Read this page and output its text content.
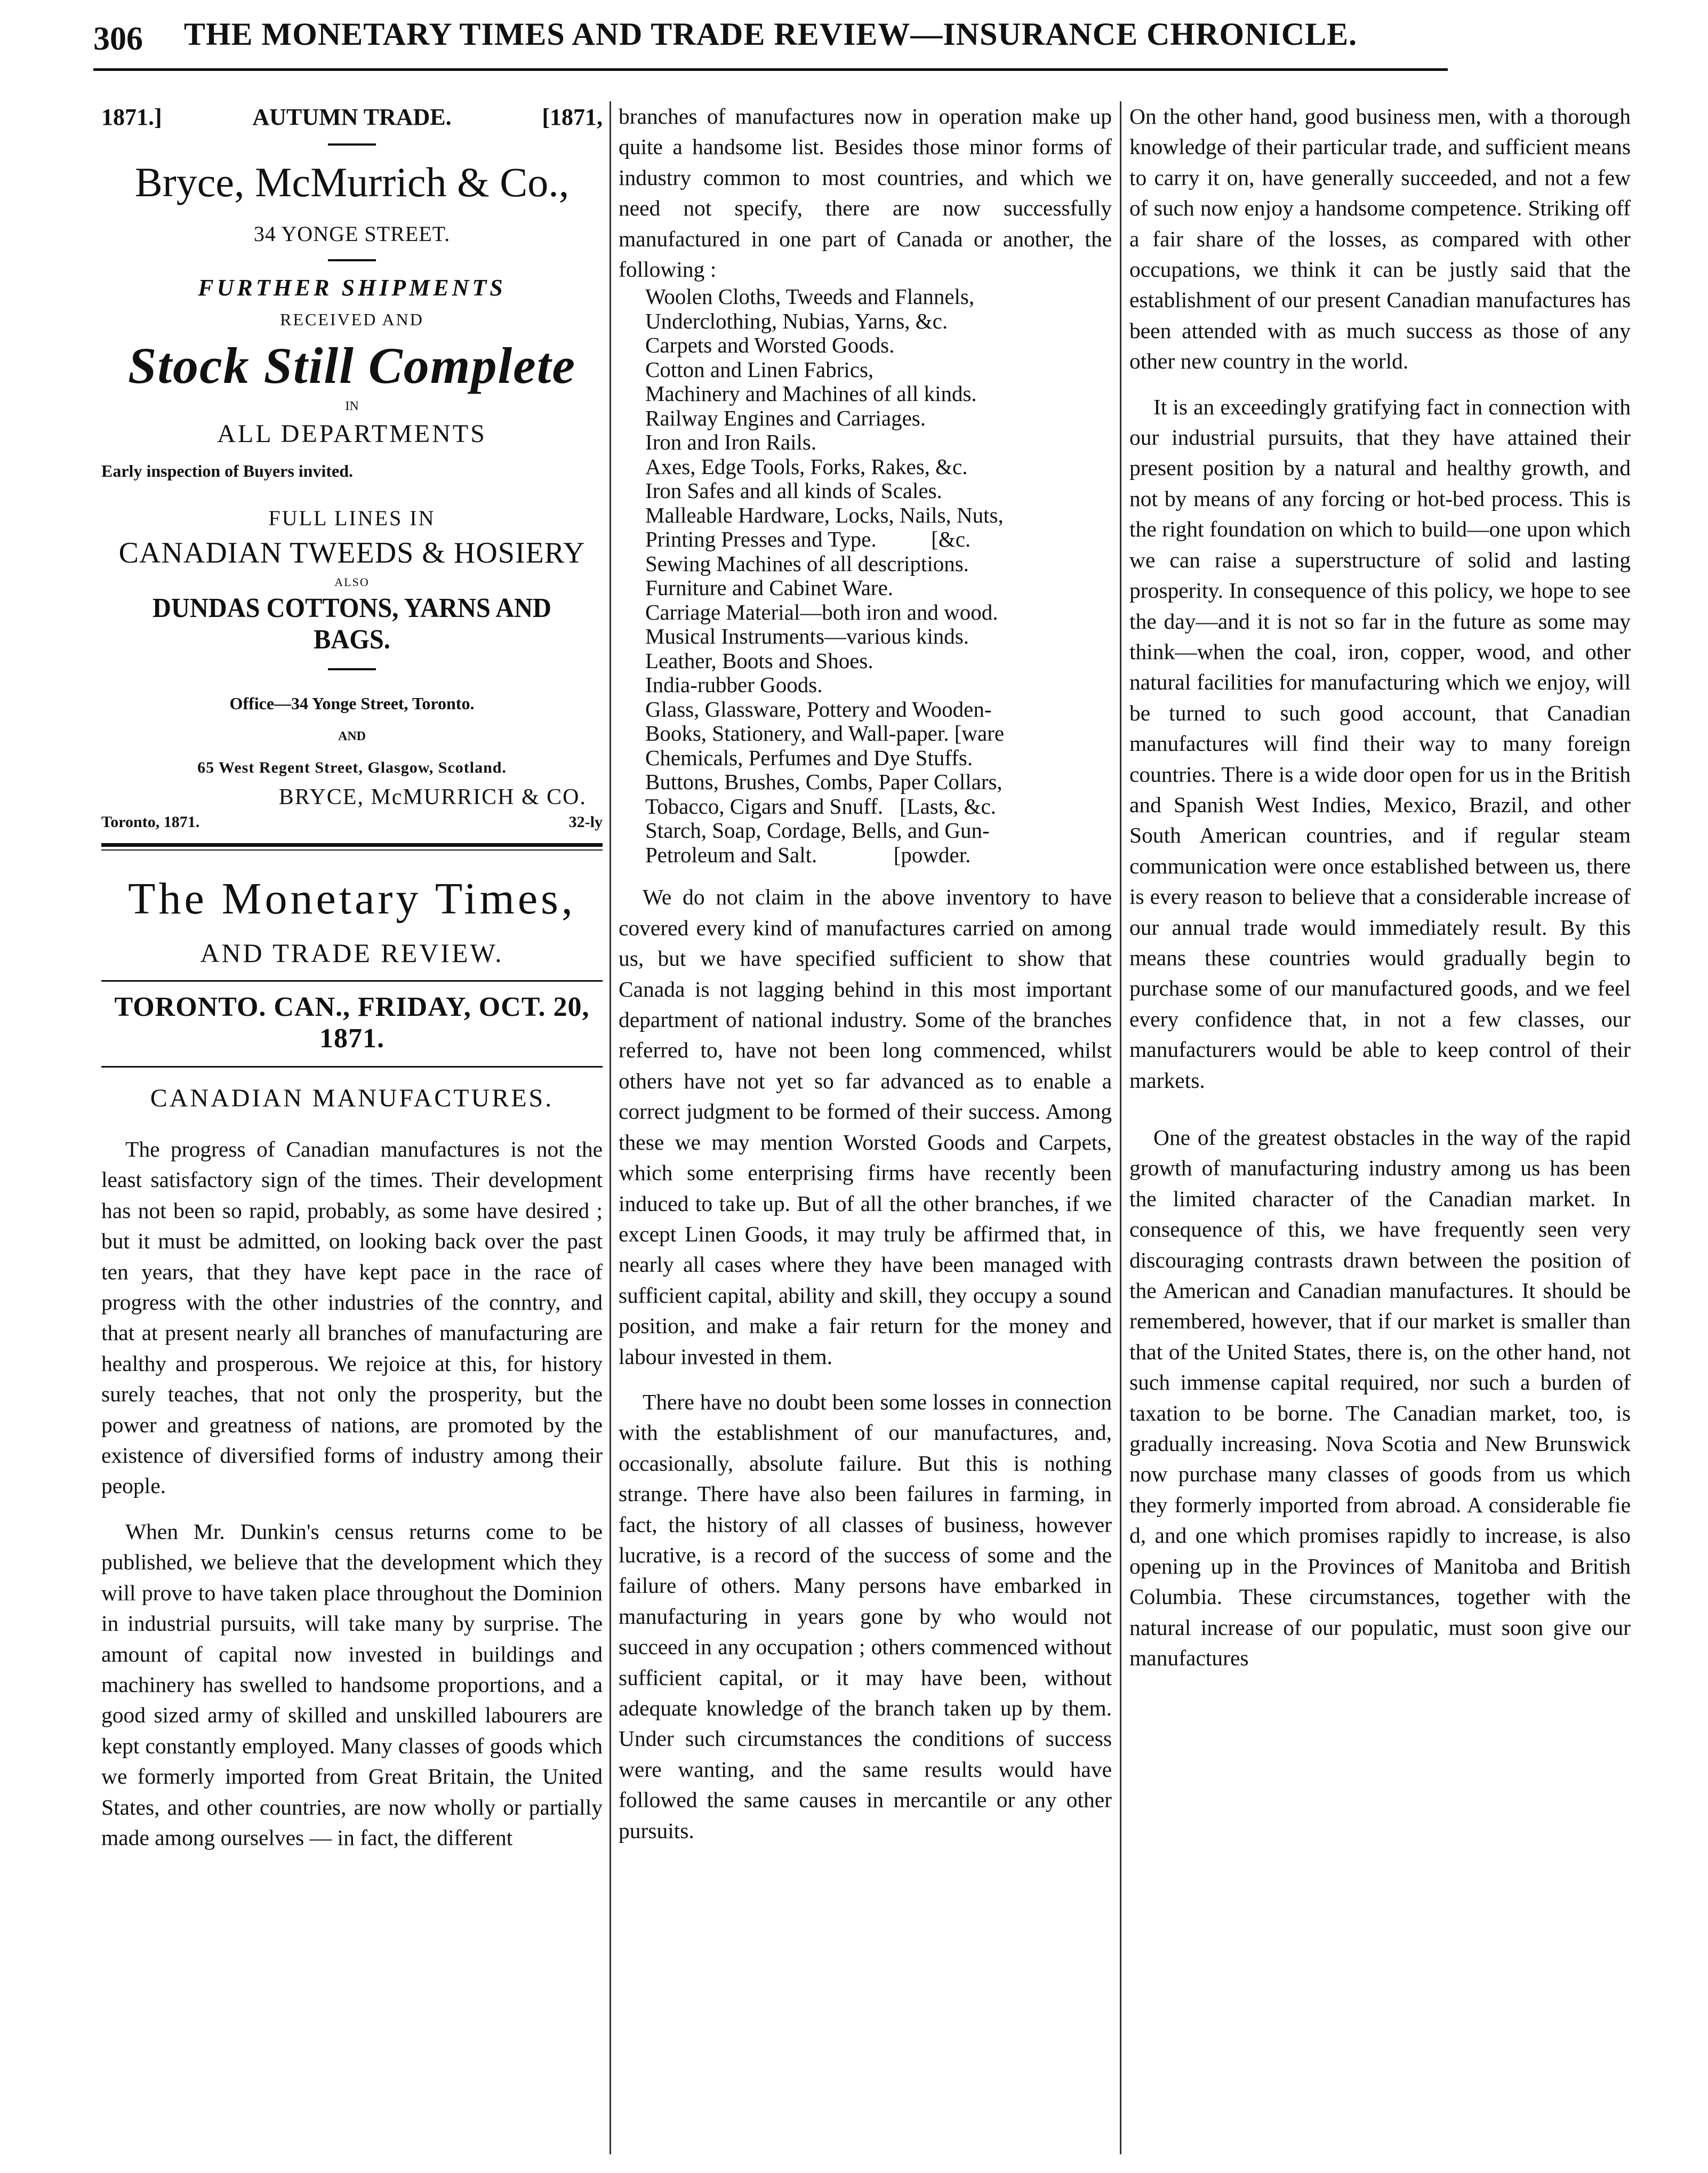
306	THE MONETARY TIMES AND TRADE REVIEW—INSURANCE CHRONICLE.
1871.]	AUTUMN TRADE.	[1871,
Bryce, McMurrich & Co.,
34 YONGE STREET.
FURTHER SHIPMENTS
RECEIVED AND
Stock Still Complete
IN
ALL DEPARTMENTS
Early inspection of Buyers invited.
FULL LINES IN
CANADIAN TWEEDS & HOSIERY
ALSO
DUNDAS COTTONS, YARNS AND BAGS.
Office—34 Yonge Street, Toronto.
AND
65 West Regent Street, Glasgow, Scotland.
BRYCE, McMURRICH & CO.
Toronto, 1871.	32-ly
The Monetary Times,
AND TRADE REVIEW.
TORONTO. CAN., FRIDAY, OCT. 20, 1871.
CANADIAN MANUFACTURES.

The progress of Canadian manufactures is not the least satisfactory sign of the times. Their development has not been so rapid, probably, as some have desired ; but it must be admitted, on looking back over the past ten years, that they have kept pace in the race of progress with the other industries of the conntry, and that at present nearly all branches of manufacturing are healthy and prosperous. We rejoice at this, for history surely teaches, that not only the prosperity, but the power and greatness of nations, are promoted by the existence of diversified forms of industry among their people.

When Mr. Dunkin's census returns come to be published, we believe that the development which they will prove to have taken place throughout the Dominion in industrial pursuits, will take many by surprise. The amount of capital now invested in buildings and machinery has swelled to handsome proportions, and a good sized army of skilled and unskilled labourers are kept constantly employed. Many classes of goods which we formerly imported from Great Britain, the United States, and other countries, are now wholly or partially made among ourselves — in fact, the different

branches of manufactures now in operation make up quite a handsome list. Besides those minor forms of industry common to most countries, and which we need not specify, there are now successfully manufactured in one part of Canada or another, the following :

Woolen Cloths, Tweeds and Flannels,
Underclothing, Nubias, Yarns, &c.
Carpets and Worsted Goods.
Cotton and Linen Fabrics,
Machinery and Machines of all kinds.
Railway Engines and Carriages.
Iron and Iron Rails.
Axes, Edge Tools, Forks, Rakes, &c.
Iron Safes and all kinds of Scales.
Malleable Hardware, Locks, Nails, Nuts,
Printing Presses and Type.          [&c.
Sewing Machines of all descriptions.
Furniture and Cabinet Ware.
Carriage Material—both iron and wood.
Musical Instruments—various kinds.
Leather, Boots and Shoes.
India-rubber Goods.
Glass, Glassware, Pottery and Wooden-
Books, Stationery, and Wall-paper. [ware
Chemicals, Perfumes and Dye Stuffs.
Buttons, Brushes, Combs, Paper Collars,
Tobacco, Cigars and Snuff.   [Lasts, &c.
Starch, Soap, Cordage, Bells, and Gun-
Petroleum and Salt.              [powder.

We do not claim in the above inventory to have covered every kind of manufactures carried on among us, but we have specified sufficient to show that Canada is not lagging behind in this most important department of national industry. Some of the branches referred to, have not been long commenced, whilst others have not yet so far advanced as to enable a correct judgment to be formed of their success. Among these we may mention Worsted Goods and Carpets, which some enterprising firms have recently been induced to take up. But of all the other branches, if we except Linen Goods, it may truly be affirmed that, in nearly all cases where they have been managed with sufficient capital, ability and skill, they occupy a sound position, and make a fair return for the money and labour invested in them.

There have no doubt been some losses in connection with the establishment of our manufactures, and, occasionally, absolute failure. But this is nothing strange. There have also been failures in farming, in fact, the history of all classes of business, however lucrative, is a record of the success of some and the failure of others. Many persons have embarked in manufacturing in years gone by who would not succeed in any occupation ; others commenced without sufficient capital, or it may have been, without adequate knowledge of the branch taken up by them. Under such circumstances the conditions of success were wanting, and the same results would have followed the same causes in mercantile or any other pursuits.

On the other hand, good business men, with a thorough knowledge of their particular trade, and sufficient means to carry it on, have generally succeeded, and not a few of such now enjoy a handsome competence. Striking off a fair share of the losses, as compared with other occupations, we think it can be justly said that the establishment of our present Canadian manufactures has been attended with as much success as those of any other new country in the world.

It is an exceedingly gratifying fact in connection with our industrial pursuits, that they have attained their present position by a natural and healthy growth, and not by means of any forcing or hot-bed process. This is the right foundation on which to build—one upon which we can raise a superstructure of solid and lasting prosperity. In consequence of this policy, we hope to see the day—and it is not so far in the future as some may think—when the coal, iron, copper, wood, and other natural facilities for manufacturing which we enjoy, will be turned to such good account, that Canadian manufactures will find their way to many foreign countries. There is a wide door open for us in the British and Spanish West Indies, Mexico, Brazil, and other South American countries, and if regular steam communication were once established between us, there is every reason to believe that a considerable increase of our annual trade would immediately result. By this means these countries would gradually begin to purchase some of our manufactured goods, and we feel every confidence that, in not a few classes, our manufacturers would be able to keep control of their markets.

One of the greatest obstacles in the way of the rapid growth of manufacturing industry among us has been the limited character of the Canadian market. In consequence of this, we have frequently seen very discouraging contrasts drawn between the position of the American and Canadian manufactures. It should be remembered, however, that if our market is smaller than that of the United States, there is, on the other hand, not such immense capital required, nor such a burden of taxation to be borne. The Canadian market, too, is gradually increasing. Nova Scotia and New Brunswick now purchase many classes of goods from us which they formerly imported from abroad. A considerable fie d, and one which promises rapidly to increase, is also opening up in the Provinces of Manitoba and British Columbia. These circumstances, together with the natural increase of our populatic, must soon give our manufactures
